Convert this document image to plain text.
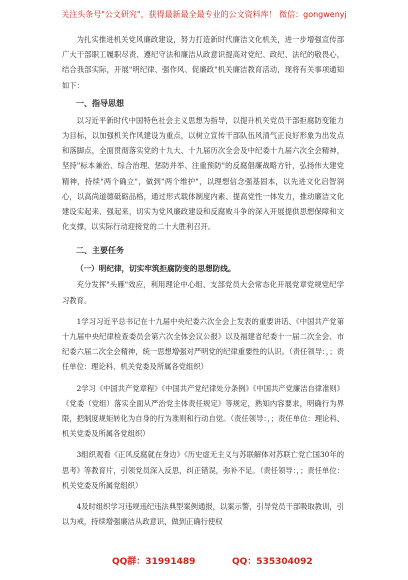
关注头条号"公文研究"，获得最新最全最专业的公文资料库！ 微信：gongwenyj

为扎实推进机关党风廉政建设，努力打造新时代廉洁文化机关，进一步增强宣传部广大干部职工履职尽责、遵纪守法和廉洁从政意识提高对党纪、政纪、法纪的敬畏心，结合我部实际，开展"明纪律、强作风、促廉政"机关廉洁教育活动，现将有关事项通知如下：

一、指导思想

以习近平新时代中国特色社会主义思想为指导，以提升机关党员干部拒腐防变能力为目标，以加强机关作风建设为重点，以树立宣传干部队伍风清气正良好形象为出发点和落脚点，全面贯彻落实党的十九大、十九届历次全会及中纪委十九届六次全会精神，坚持"标本兼治、综合治理、惩防并举、注重预防"的反腐倡廉战略方针，弘扬伟大建党精神，持续"两个确立"，做到"两个维护"，以理想信念强基固本，以先进文化启智润心，以高尚道德砥砺品格，通过形式载体制度内素、提高党性一体发力，推动廉洁文化建设实起来、强起来，切实为党风廉政建设和反腐败斗争的深入开展提供思想保障和文化支撑，以实际行动迎接党的二十大胜利召开。

二、主要任务
（一）明纪律，切实牢筑拒腐防变的思想防线。

充分发挥"头雁"效应，利用理论中心组、支部党员大会常态化开展党章党规党纪学习教育。

1学习习近平总书记在十九届中央纪委六次全会上发表的重要讲话、《中国共产党第十九届中央纪律检查委员会第六次全体会议公报》以及福建省纪委十一届二次全会、市纪委六届二次全会精神，统一思想增强对严明党的纪律重要性的认识。（责任领导：，；责任单位：理论科、机关党委及所属各党组织）

2学习《中国共产党章程》《中国共产党纪律处分条例》《中国共产党廉洁自律准则》《党委（党组）落实全面从严治党主体责任规定》等规定，熟知内容要求，明确行为界限，把制度规矩转化为自身的行为准则和行动自觉。（责任领导：，；责任单位：理论科、机关党委及所属各党组织）

3组织观看《正风反腐就在身边》《历史虚无主义与苏联解体对苏联亡党亡国30年的思考》等教育片，引领党员深入反思，纠正错误，弥补不足。（责任领导：，；责任单位：机关党委及所属党组织）

4及时组织学习违规违纪违法典型案例通报，以案示警，引导党员干部吸取教训，引以为戒，持续增强廉洁从政意识，做到正确行使权

QQ群：31991489	QQ：535304092
